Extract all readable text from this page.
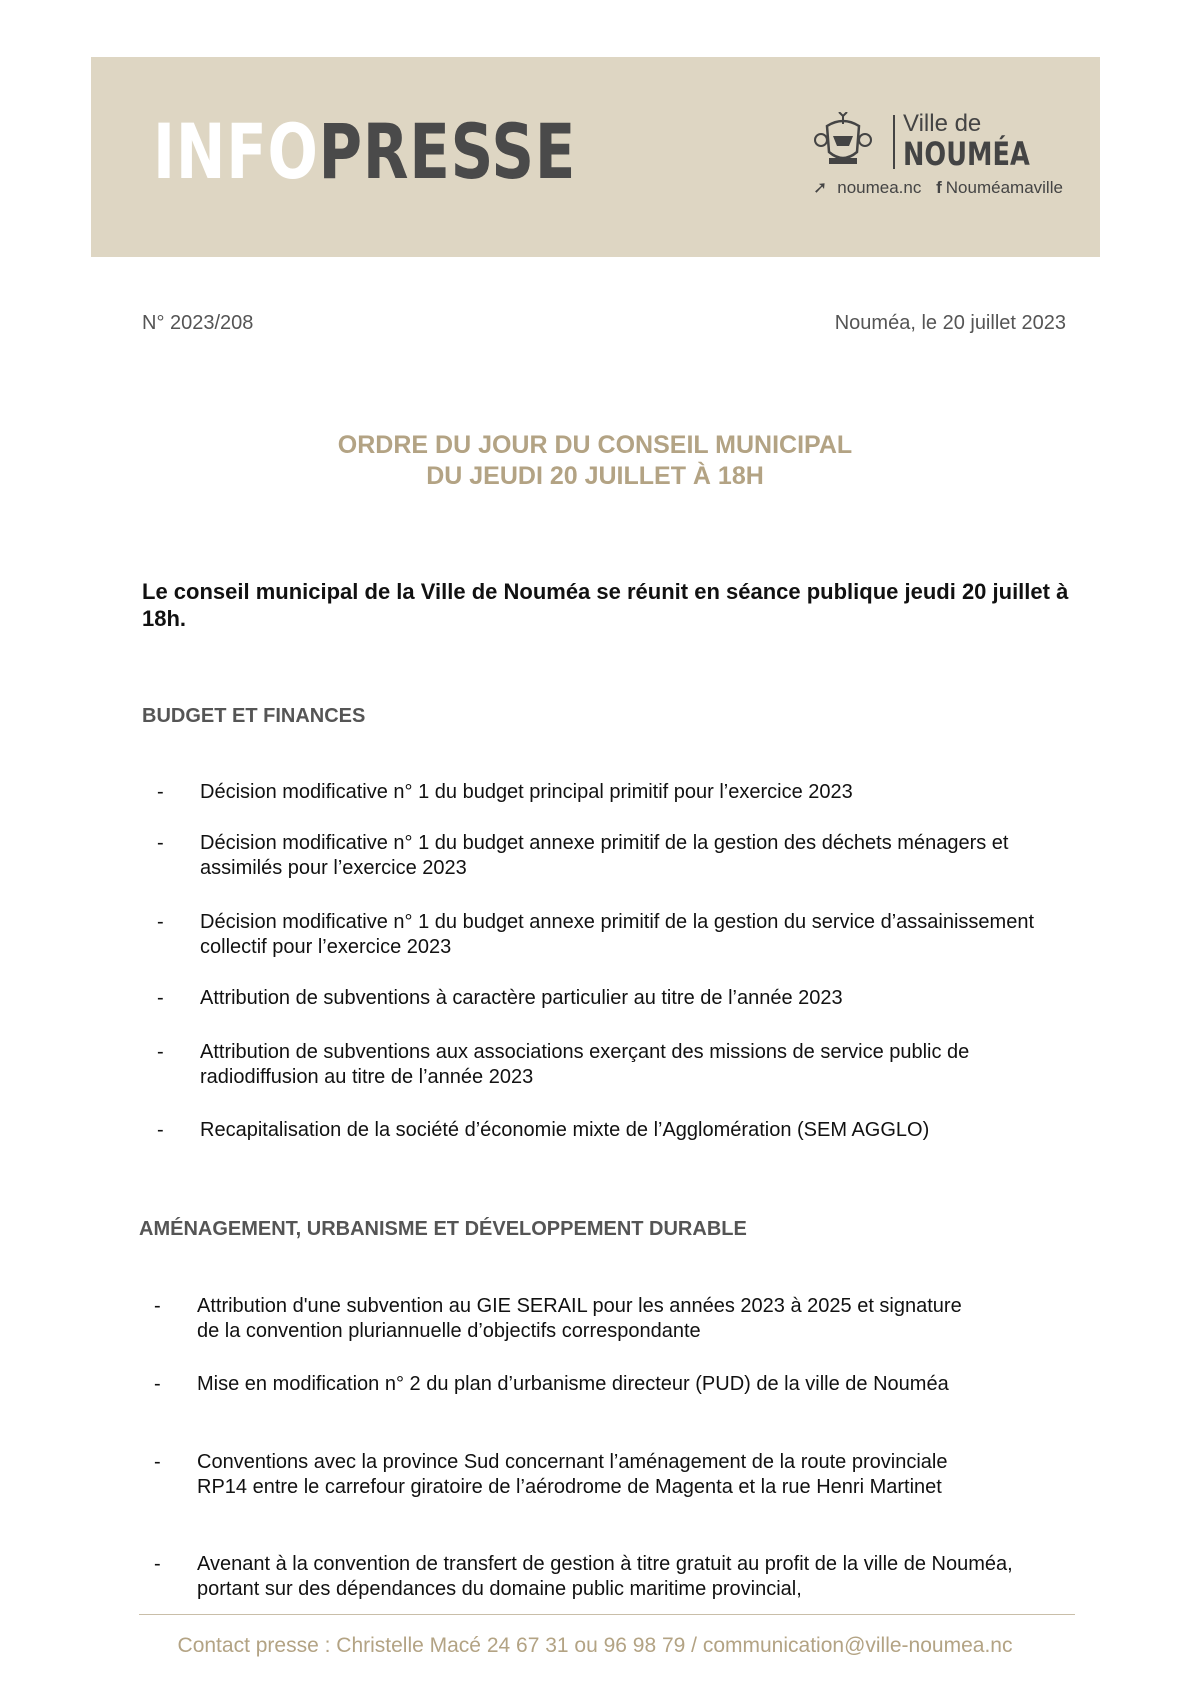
INFO PRESSE	Ville de
NOUMÉA
➚ noumea.nc f Nouméamaville
N° 2023/208	Nouméa, le 20 juillet 2023
ORDRE DU JOUR DU CONSEIL MUNICIPAL
DU JEUDI 20 JUILLET À 18H
Le conseil municipal de la Ville de Nouméa se réunit en séance publique jeudi 20 juillet à 18h.
BUDGET ET FINANCES
- Décision modificative n° 1 du budget principal primitif pour l’exercice 2023
- Décision modificative n° 1 du budget annexe primitif de la gestion des déchets ménagers et assimilés pour l’exercice 2023
- Décision modificative n° 1 du budget annexe primitif de la gestion du service d’assainissement collectif pour l’exercice 2023
- Attribution de subventions à caractère particulier au titre de l’année 2023
- Attribution de subventions aux associations exerçant des missions de service public de radiodiffusion au titre de l’année 2023
- Recapitalisation de la société d’économie mixte de l’Agglomération (SEM AGGLO)
AMÉNAGEMENT, URBANISME ET DÉVELOPPEMENT DURABLE
- Attribution d'une subvention au GIE SERAIL pour les années 2023 à 2025 et signature de la convention pluriannuelle d’objectifs correspondante
- Mise en modification n° 2 du plan d’urbanisme directeur (PUD) de la ville de Nouméa
- Conventions avec la province Sud concernant l’aménagement de la route provinciale RP14 entre le carrefour giratoire de l’aérodrome de Magenta et la rue Henri Martinet
- Avenant à la convention de transfert de gestion à titre gratuit au profit de la ville de Nouméa, portant sur des dépendances du domaine public maritime provincial,
Contact presse : Christelle Macé 24 67 31 ou 96 98 79 / communication@ville-noumea.nc
